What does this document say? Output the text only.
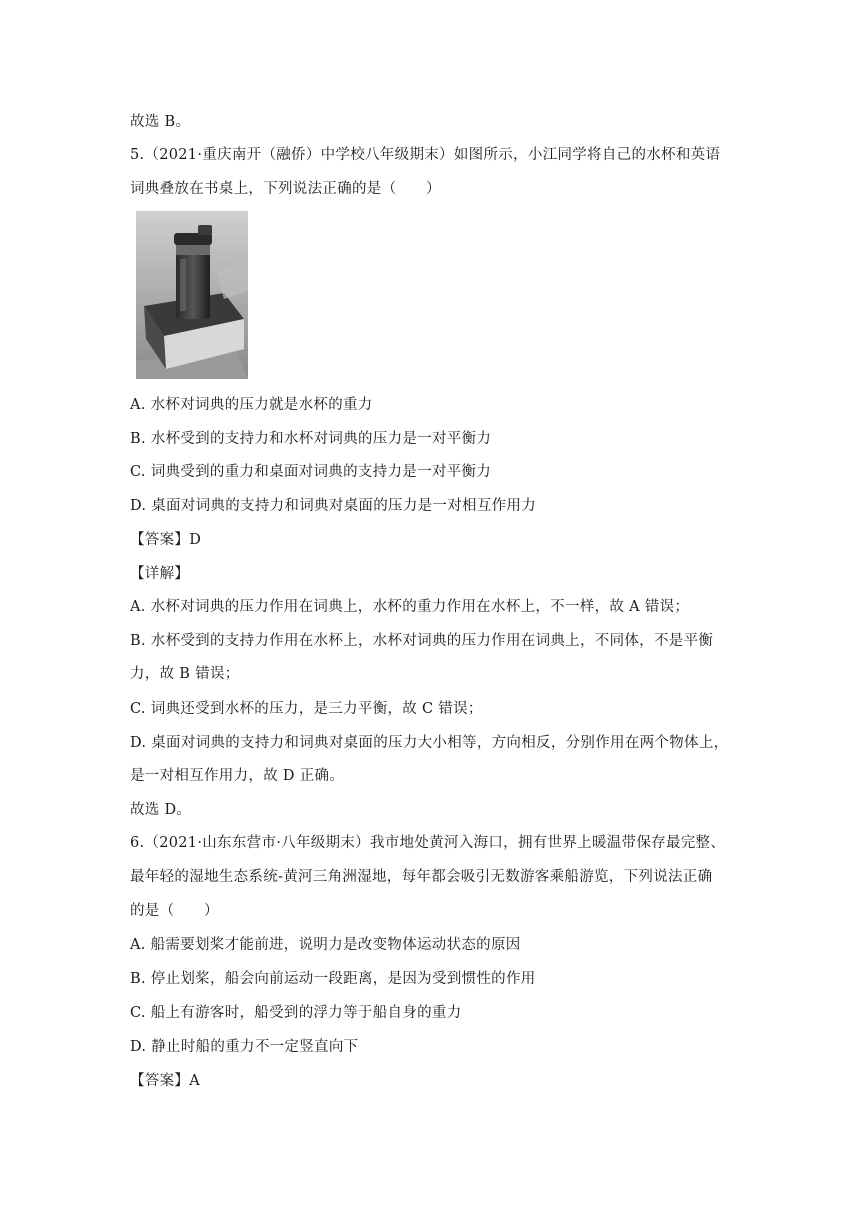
故选 B。
5.（2021·重庆南开（融侨）中学校八年级期末）如图所示，小江同学将自己的水杯和英语
词典叠放在书桌上，下列说法正确的是（　　）
A. 水杯对词典的压力就是水杯的重力
B. 水杯受到的支持力和水杯对词典的压力是一对平衡力
C. 词典受到的重力和桌面对词典的支持力是一对平衡力
D. 桌面对词典的支持力和词典对桌面的压力是一对相互作用力
【答案】D
【详解】
A. 水杯对词典的压力作用在词典上，水杯的重力作用在水杯上，不一样，故 A 错误；
B. 水杯受到的支持力作用在水杯上，水杯对词典的压力作用在词典上，不同体，不是平衡
力，故 B 错误；
C. 词典还受到水杯的压力，是三力平衡，故 C 错误；
D. 桌面对词典的支持力和词典对桌面的压力大小相等，方向相反，分别作用在两个物体上，
是一对相互作用力，故 D 正确。
故选 D。
6.（2021·山东东营市·八年级期末）我市地处黄河入海口，拥有世界上暖温带保存最完整、
最年轻的湿地生态系统-黄河三角洲湿地，每年都会吸引无数游客乘船游览，下列说法正确
的是（　　）
A. 船需要划桨才能前进，说明力是改变物体运动状态的原因
B. 停止划桨，船会向前运动一段距离，是因为受到惯性的作用
C. 船上有游客时，船受到的浮力等于船自身的重力
D. 静止时船的重力不一定竖直向下
【答案】A
